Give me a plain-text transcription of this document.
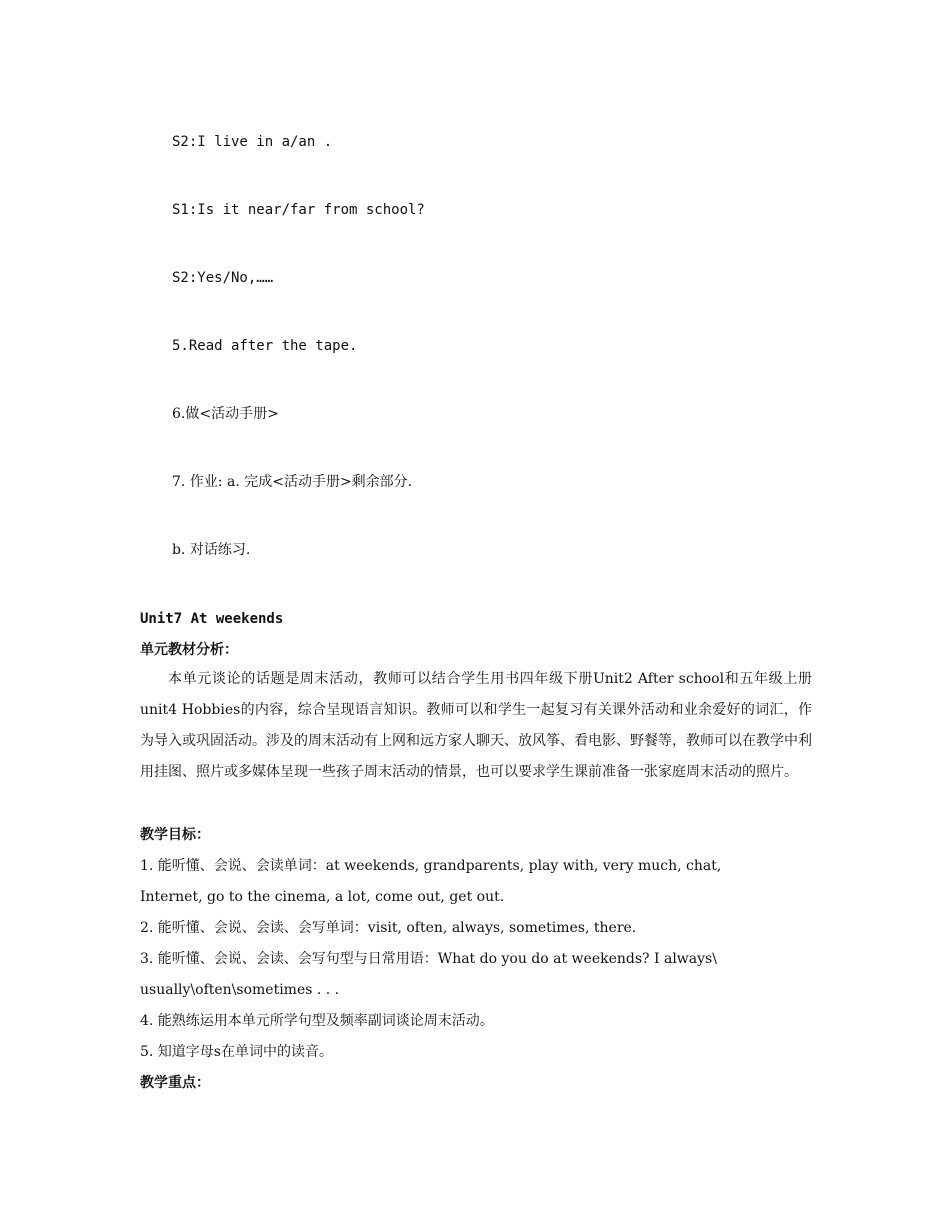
S2:I live in a/an .
S1:Is it near/far from school?
S2:Yes/No,……
5.Read after the tape.
6.做<活动手册>
7. 作业: a. 完成<活动手册>剩余部分.
b. 对话练习.
Unit7 At weekends
单元教材分析：
本单元谈论的话题是周末活动，教师可以结合学生用书四年级下册Unit2 After school和五年级上册unit4 Hobbies的内容，综合呈现语言知识。教师可以和学生一起复习有关课外活动和业余爱好的词汇，作为导入或巩固活动。涉及的周末活动有上网和远方家人聊天、放风筝、看电影、野餐等，教师可以在教学中利用挂图、照片或多媒体呈现一些孩子周末活动的情景，也可以要求学生课前准备一张家庭周末活动的照片。
教学目标：
1. 能听懂、会说、会读单词：at weekends, grandparents, play with, very much, chat,
Internet, go to the cinema, a lot, come out, get out.
2. 能听懂、会说、会读、会写单词：visit, often, always, sometimes, there.
3. 能听懂、会说、会读、会写句型与日常用语：What do you do at weekends? I always\
usually\often\sometimes . . .
4. 能熟练运用本单元所学句型及频率副词谈论周末活动。
5. 知道字母s在单词中的读音。
教学重点：
